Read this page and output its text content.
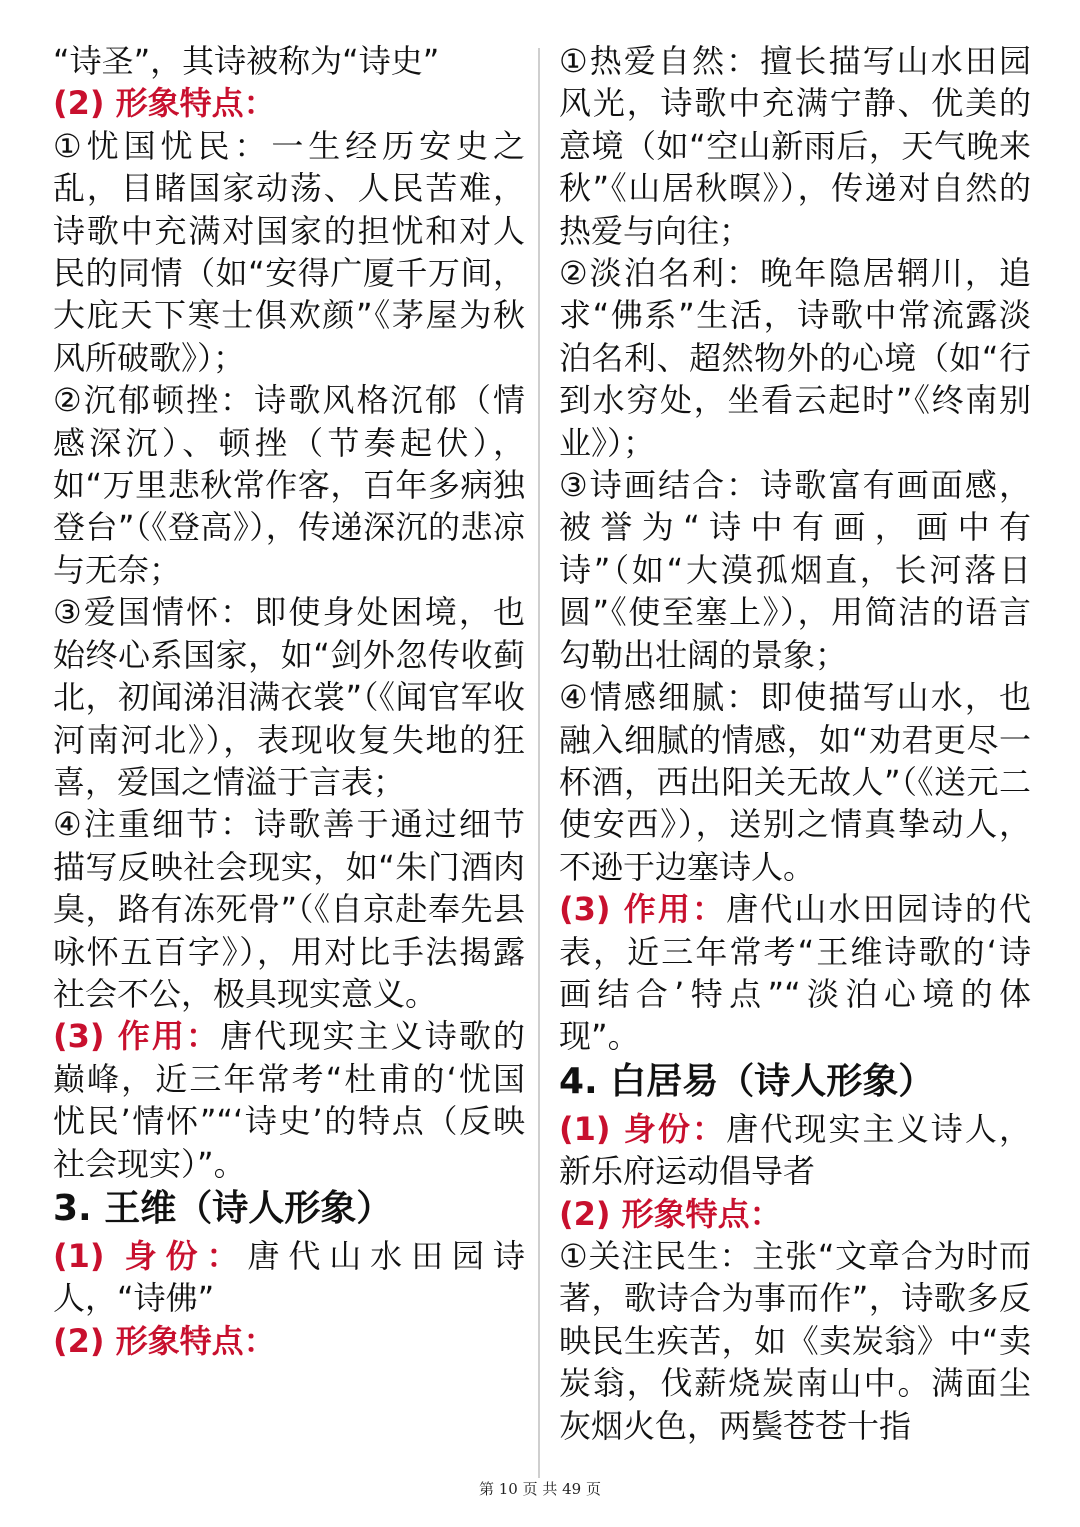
“诗圣”，其诗被称为“诗史”
(2) 形象特点：
①忧国忧民：一生经历安史之乱，目睹国家动荡、人民苦难，诗歌中充满对国家的担忧和对人民的同情（如“安得广厦千万间，大庇天下寒士俱欢颜”《茅屋为秋风所破歌》）；
②沉郁顿挫：诗歌风格沉郁（情感深沉）、顿挫（节奏起伏），如“万里悲秋常作客，百年多病独登台”（《登高》），传递深沉的悲凉与无奈；
③爱国情怀：即使身处困境，也始终心系国家，如“剑外忽传收蓟北，初闻涕泪满衣裳”（《闻官军收河南河北》），表现收复失地的狂喜，爱国之情溢于言表；
④注重细节：诗歌善于通过细节描写反映社会现实，如“朱门酒肉臭，路有冻死骨”（《自京赴奉先县咏怀五百字》），用对比手法揭露社会不公，极具现实意义。
(3) 作用：唐代现实主义诗歌的巅峰，近三年常考“杜甫的‘忧国忧民’情怀”“‘诗史’的特点（反映社会现实）”。
3. 王维（诗人形象）
(1) 身份：唐代山水田园诗人，“诗佛”
(2) 形象特点：
①热爱自然：擅长描写山水田园风光，诗歌中充满宁静、优美的意境（如“空山新雨后，天气晚来秋”《山居秋暝》），传递对自然的热爱与向往；
②淡泊名利：晚年隐居辋川，追求“佛系”生活，诗歌中常流露淡泊名利、超然物外的心境（如“行到水穷处，坐看云起时”《终南别业》）；
③诗画结合：诗歌富有画面感，被誉为“诗中有画，画中有诗”（如“大漠孤烟直，长河落日圆”《使至塞上》），用简洁的语言勾勒出壮阔的景象；
④情感细腻：即使描写山水，也融入细腻的情感，如“劝君更尽一杯酒，西出阳关无故人”（《送元二使安西》），送别之情真挚动人，不逊于边塞诗人。
(3) 作用：唐代山水田园诗的代表，近三年常考“王维诗歌的‘诗画结合’特点”“淡泊心境的体现”。
4. 白居易（诗人形象）
(1) 身份：唐代现实主义诗人，新乐府运动倡导者
(2) 形象特点：
①关注民生：主张“文章合为时而著，歌诗合为事而作”，诗歌多反映民生疾苦，如《卖炭翁》中“卖炭翁，伐薪烧炭南山中。满面尘灰烟火色，两鬓苍苍十指
第 10 页 共 49 页
